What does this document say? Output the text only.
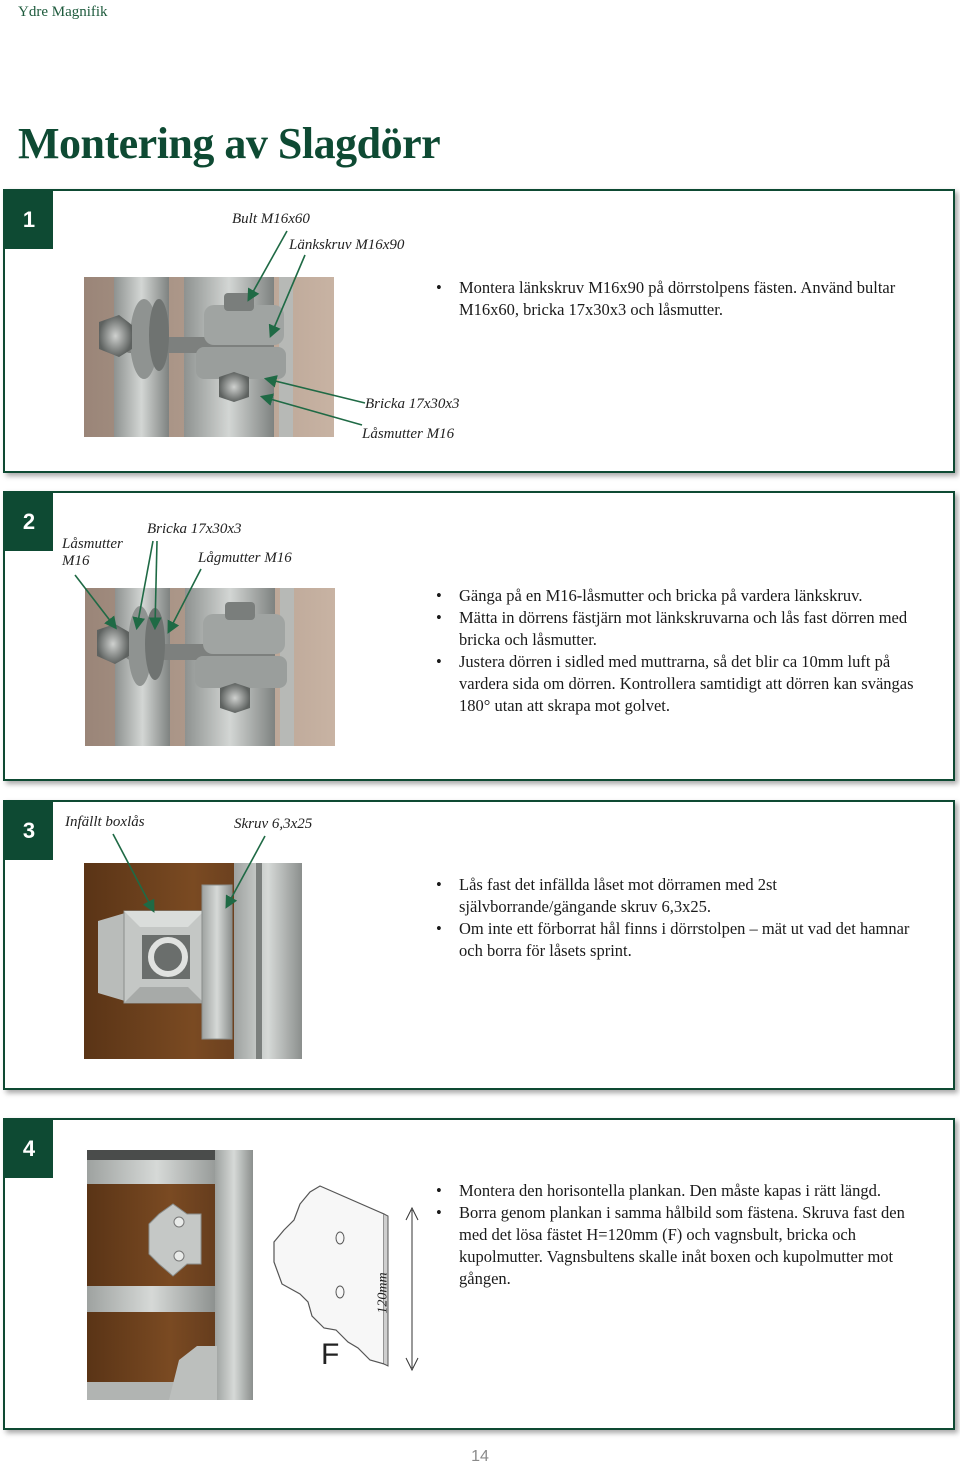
Ydre Magnifik
Montering av Slagdörr
1	Bult M16x60
Länkskruv M16x90
Bricka 17x30x3
Låsmutter M16
• Montera länkskruv M16x90 på dörrstolpens fästen. Använd bultar M16x60, bricka 17x30x3 och låsmutter.
2
Låsmutter M16
Bricka 17x30x3
Lågmutter M16
• Gänga på en M16-låsmutter och bricka på vardera länkskruv.
• Mätta in dörrens fästjärn mot länkskruvarna och lås fast dörren med bricka och låsmutter.
• Justera dörren i sidled med muttrarna, så det blir ca 10mm luft på vardera sida om dörren. Kontrollera samtidigt att dörren kan svängas 180° utan att skrapa mot golvet.
3	Infällt boxlås	Skruv 6,3x25
• Lås fast det infällda låset mot dörramen med 2st självborrande/gängande skruv 6,3x25.
• Om inte ett förborrat hål finns i dörrstolpen – mät ut vad det hamnar och borra för låsets sprint.
4
F
120mm
• Montera den horisontella plankan. Den måste kapas i rätt längd.
• Borra genom plankan i samma hålbild som fästena. Skruva fast den med det lösa fästet H=120mm (F) och vagnsbult, bricka och kupolmutter. Vagnsbultens skalle inåt boxen och kupolmutter mot gången.
14
